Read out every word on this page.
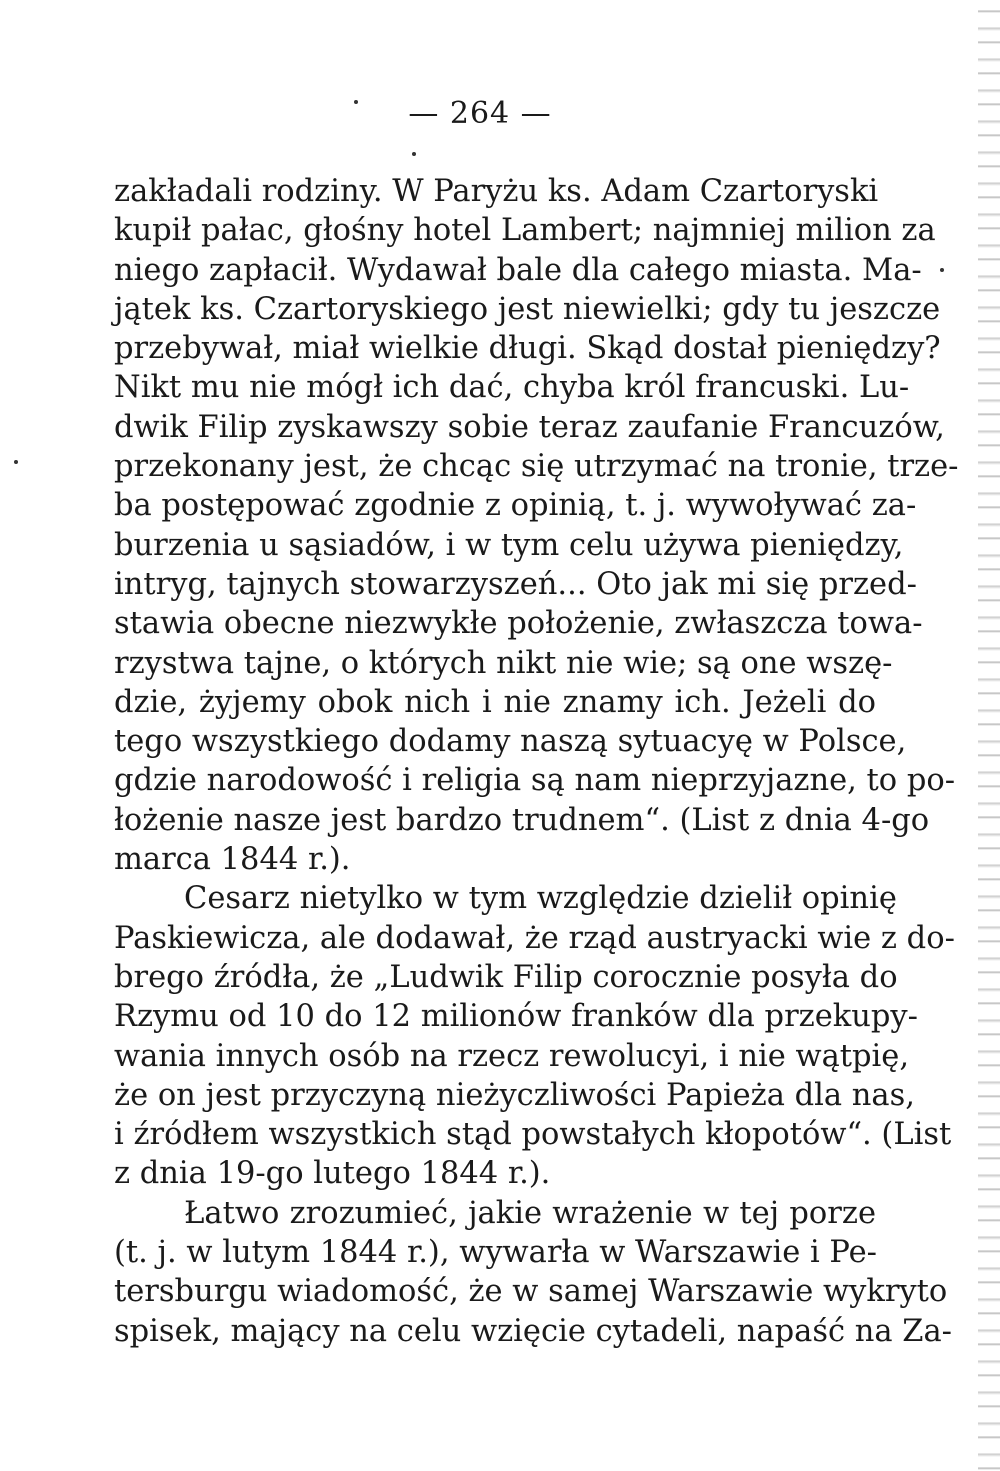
— 264 —
zakładali rodziny. W Paryżu ks. Adam Czartoryski
kupił pałac, głośny hotel Lambert; najmniej milion za
niego zapłacił. Wydawał bale dla całego miasta. Ma-
jątek ks. Czartoryskiego jest niewielki; gdy tu jeszcze
przebywał, miał wielkie długi. Skąd dostał pieniędzy?
Nikt mu nie mógł ich dać, chyba król francuski. Lu-
dwik Filip zyskawszy sobie teraz zaufanie Francuzów,
przekonany jest, że chcąc się utrzymać na tronie, trze-
ba postępować zgodnie z opinią, t. j. wywoływać za-
burzenia u sąsiadów, i w tym celu używa pieniędzy,
intryg, tajnych stowarzyszeń... Oto jak mi się przed-
stawia obecne niezwykłe położenie, zwłaszcza towa-
rzystwa tajne, o których nikt nie wie; są one wszę-
dzie, żyjemy obok nich i nie znamy ich. Jeżeli do
tego wszystkiego dodamy naszą sytuacyę w Polsce,
gdzie narodowość i religia są nam nieprzyjazne, to po-
łożenie nasze jest bardzo trudnem“. (List z dnia 4-go
marca 1844 r.).
Cesarz nietylko w tym względzie dzielił opinię
Paskiewicza, ale dodawał, że rząd austryacki wie z do-
brego źródła, że „Ludwik Filip corocznie posyła do
Rzymu od 10 do 12 milionów franków dla przekupy-
wania innych osób na rzecz rewolucyi, i nie wątpię,
że on jest przyczyną nieżyczliwości Papieża dla nas,
i źródłem wszystkich stąd powstałych kłopotów“. (List
z dnia 19-go lutego 1844 r.).
Łatwo zrozumieć, jakie wrażenie w tej porze
(t. j. w lutym 1844 r.), wywarła w Warszawie i Pe-
tersburgu wiadomość, że w samej Warszawie wykryto
spisek, mający na celu wzięcie cytadeli, napaść na Za-
